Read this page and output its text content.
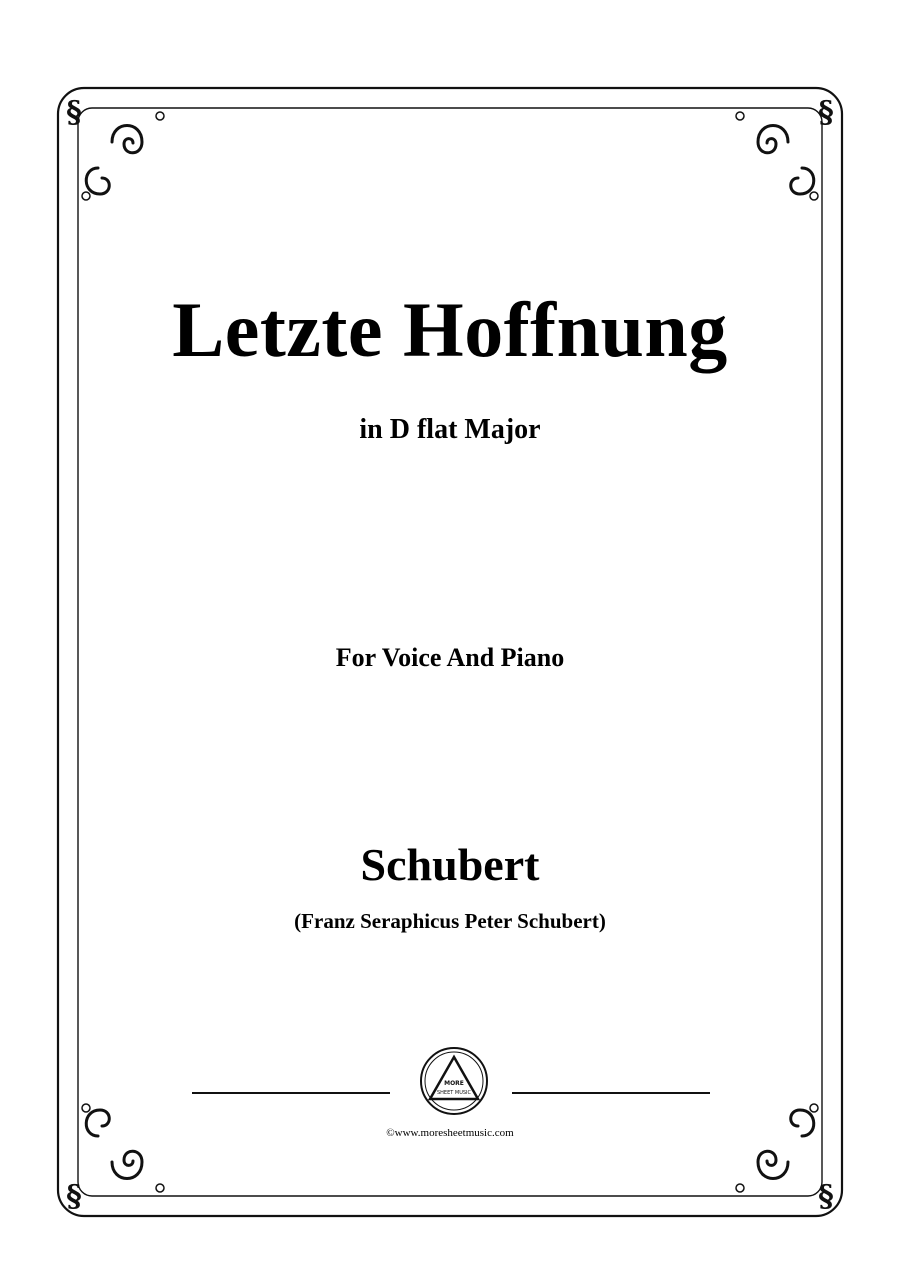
§	§
§	§
Letzte Hoffnung
in D flat Major
For Voice And Piano
Schubert
(Franz Seraphicus Peter Schubert)
MORE
SHEET MUSIC
©www.moresheetmusic.com
